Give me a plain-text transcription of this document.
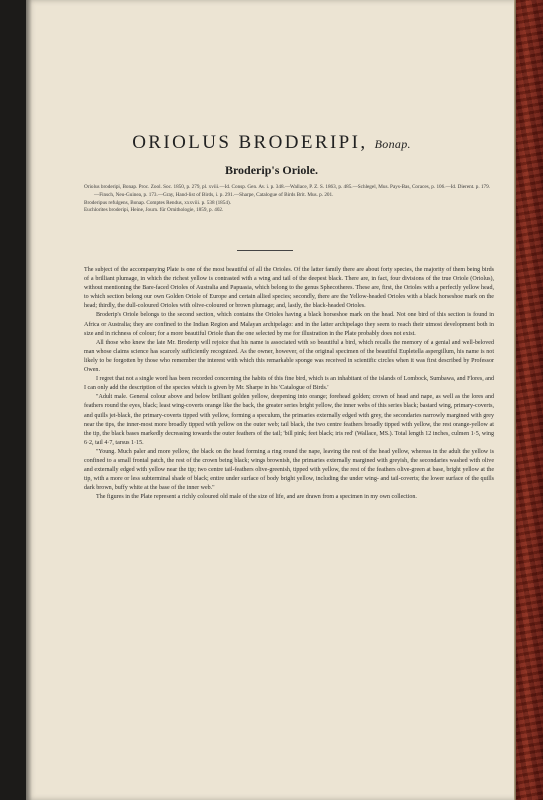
ORIOLUS BRODERIPI, Bonap.
Broderip's Oriole.

Oriolus broderipi, Bonap. Proc. Zool. Soc. 1850, p. 279, pl. xviii.—Id. Consp. Gen. Av. i. p. 348.—Wallace, P. Z. S. 1863, p. 485.—Schlegel, Mus. Pays-Bas, Coraces, p. 106.—Id. Dierent. p. 179.—Finsch, Neu-Guinea, p. 173.—Gray, Hand-list of Birds, i. p. 291.—Sharpe, Catalogue of Birds Brit. Mus. p. 201.

Broderipus refulgens, Bonap. Comptes Rendus, xxxviii. p. 538 (1854).

Euchlorites broderipi, Heine, Journ. für Ornithologie, 1859, p. 402.

The subject of the accompanying Plate is one of the most beautiful of all the Orioles. Of the latter family there are about forty species, the majority of them being birds of a brilliant plumage, in which the richest yellow is contrasted with a wing and tail of the deepest black. There are, in fact, four divisions of the true Oriole (Oriolus), without mentioning the Bare-faced Orioles of Australia and Papuasia, which belong to the genus Sphecotheres. These are, first, the Orioles with a perfectly yellow head, to which section belong our own Golden Oriole of Europe and certain allied species; secondly, there are the Yellow-headed Orioles with a black horseshoe mark on the head; thirdly, the dull-coloured Orioles with olive-coloured or brown plumage; and, lastly, the black-headed Orioles.

Broderip's Oriole belongs to the second section, which contains the Orioles having a black horseshoe mark on the head. Not one bird of this section is found in Africa or Australia; they are confined to the Indian Region and Malayan archipelago: and in the latter archipelago they seem to reach their utmost development both in size and in richness of colour; for a more beautiful Oriole than the one selected by me for illustration in the Plate probably does not exist.

All those who knew the late Mr. Broderip will rejoice that his name is associated with so beautiful a bird, which recalls the memory of a genial and well-beloved man whose claims science has scarcely sufficiently recognized. As the owner, however, of the original specimen of the beautiful Eupletella aspergillum, his name is not likely to be forgotten by those who remember the interest with which this remarkable sponge was received in scientific circles when it was first described by Professor Owen.

I regret that not a single word has been recorded concerning the habits of this fine bird, which is an inhabitant of the islands of Lombock, Sumbawa, and Flores, and I can only add the description of the species which is given by Mr. Sharpe in his 'Catalogue of Birds.'

"Adult male. General colour above and below brilliant golden yellow, deepening into orange; forehead golden; crown of head and nape, as well as the lores and feathers round the eyes, black; least wing-coverts orange like the back, the greater series bright yellow, the inner webs of this series black; bastard wing, primary-coverts, and quills jet-black, the primary-coverts tipped with yellow, forming a speculum, the primaries externally edged with grey, the secondaries narrowly margined with grey near the tips, the inner-most more broadly tipped with yellow on the outer web; tail black, the two centre feathers broadly tipped with yellow, the rest orange-yellow at the tip, the black bases markedly decreasing towards the outer feathers of the tail; 'bill pink; feet black; iris red' (Wallace, MS.). Total length 12 inches, culmen 1·5, wing 6·2, tail 4·7, tarsus 1·15.

"Young. Much paler and more yellow, the black on the head forming a ring round the nape, leaving the rest of the head yellow, whereas in the adult the yellow is confined to a small frontal patch, the rest of the crown being black; wings brownish, the primaries externally margined with greyish, the secondaries washed with olive and externally edged with yellow near the tip; two centre tail-feathers olive-greenish, tipped with yellow, the rest of the feathers olive-green at base, bright yellow at the tip, with a more or less subterminal shade of black; entire under surface of body bright yellow, including the under wing- and tail-coverts; the lower surface of the quills dark brown, buffy white at the base of the inner web."

The figures in the Plate represent a richly coloured old male of the size of life, and are drawn from a specimen in my own collection.
